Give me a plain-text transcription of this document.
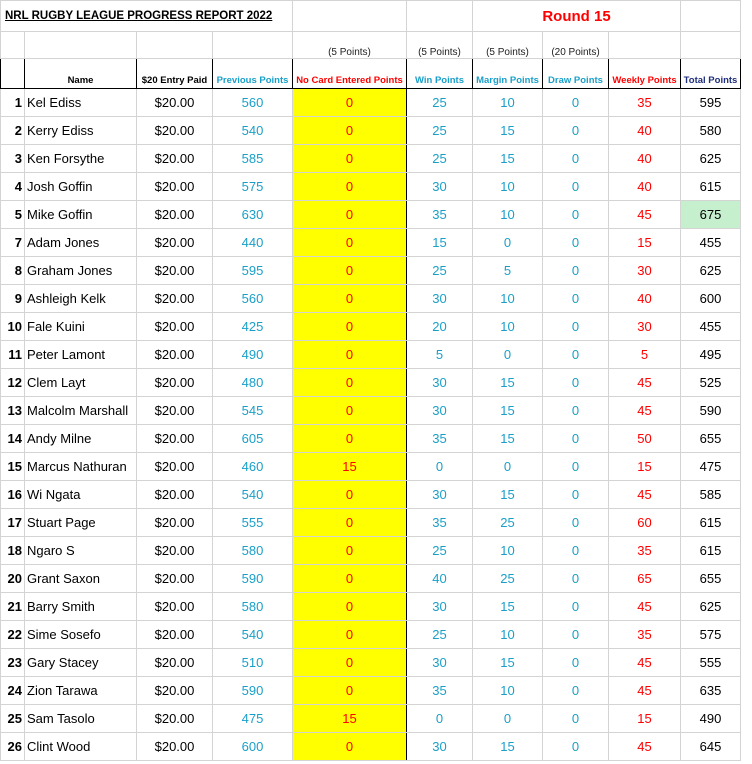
NRL RUGBY LEAGUE PROGRESS REPORT 2022						Round 15			
				(5 Points)	(5 Points)	(5 Points)	(20 Points)		
	Name	$20 Entry Paid	Previous Points	No Card Entered Points	Win Points	Margin Points	Draw Points	Weekly Points	Total Points
1	Kel Ediss	$20.00	560	0	25	10	0	35	595
2	Kerry Ediss	$20.00	540	0	25	15	0	40	580
3	Ken Forsythe	$20.00	585	0	25	15	0	40	625
4	Josh Goffin	$20.00	575	0	30	10	0	40	615
5	Mike Goffin	$20.00	630	0	35	10	0	45	675
7	Adam Jones	$20.00	440	0	15	0	0	15	455
8	Graham Jones	$20.00	595	0	25	5	0	30	625
9	Ashleigh Kelk	$20.00	560	0	30	10	0	40	600
10	Fale Kuini	$20.00	425	0	20	10	0	30	455
11	Peter Lamont	$20.00	490	0	5	0	0	5	495
12	Clem Layt	$20.00	480	0	30	15	0	45	525
13	Malcolm Marshall	$20.00	545	0	30	15	0	45	590
14	Andy Milne	$20.00	605	0	35	15	0	50	655
15	Marcus Nathuran	$20.00	460	15	0	0	0	15	475
16	Wi Ngata	$20.00	540	0	30	15	0	45	585
17	Stuart Page	$20.00	555	0	35	25	0	60	615
18	Ngaro S	$20.00	580	0	25	10	0	35	615
20	Grant Saxon	$20.00	590	0	40	25	0	65	655
21	Barry Smith	$20.00	580	0	30	15	0	45	625
22	Sime Sosefo	$20.00	540	0	25	10	0	35	575
23	Gary Stacey	$20.00	510	0	30	15	0	45	555
24	Zion Tarawa	$20.00	590	0	35	10	0	45	635
25	Sam Tasolo	$20.00	475	15	0	0	0	15	490
26	Clint Wood	$20.00	600	0	30	15	0	45	645
